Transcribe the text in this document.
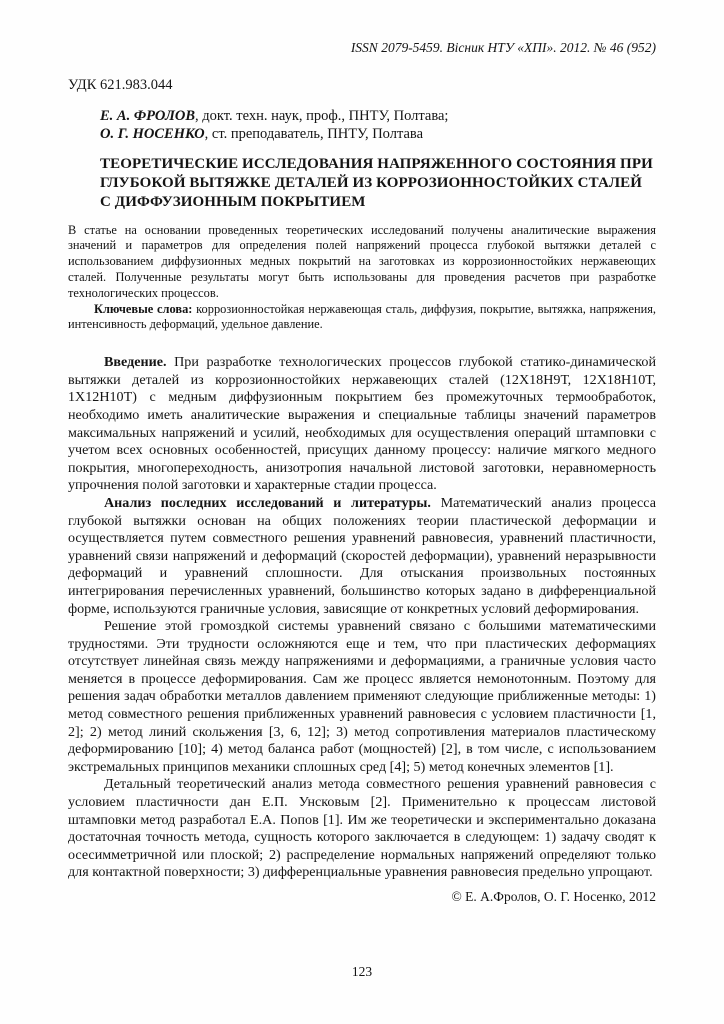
ISSN 2079-5459. Вісник НТУ «ХПІ». 2012. № 46 (952)
УДК 621.983.044
Е. А. ФРОЛОВ, докт. техн. наук, проф., ПНТУ, Полтава;
О. Г. НОСЕНКО, ст. преподаватель, ПНТУ, Полтава
ТЕОРЕТИЧЕСКИЕ ИССЛЕДОВАНИЯ НАПРЯЖЕННОГО СОСТОЯНИЯ ПРИ ГЛУБОКОЙ ВЫТЯЖКЕ ДЕТАЛЕЙ ИЗ КОРРОЗИОННОСТОЙКИХ СТАЛЕЙ С ДИФФУЗИОННЫМ ПОКРЫТИЕМ

В статье на основании проведенных теоретических исследований получены аналитические выражения значений и параметров для определения полей напряжений процесса глубокой вытяжки деталей с использованием диффузионных медных покрытий на заготовках из коррозионностойких нержавеющих сталей. Полученные результаты могут быть использованы для проведения расчетов при разработке технологических процессов.

Ключевые слова: коррозионностойкая нержавеющая сталь, диффузия, покрытие, вытяжка, напряжения, интенсивность деформаций, удельное давление.

Введение. При разработке технологических процессов глубокой статико-динамической вытяжки деталей из коррозионностойких нержавеющих сталей (12Х18Н9Т, 12Х18Н10Т, 1Х12Н10Т) с медным диффузионным покрытием без промежуточных термообработок, необходимо иметь аналитические выражения и специальные таблицы значений параметров максимальных напряжений и усилий, необходимых для осуществления операций штамповки с учетом всех основных особенностей, присущих данному процессу: наличие мягкого медного покрытия, многопереходность, анизотропия начальной листовой заготовки, неравномерность упрочнения полой заготовки и характерные стадии процесса.

Анализ последних исследований и литературы. Математический анализ процесса глубокой вытяжки основан на общих положениях теории пластической деформации и осуществляется путем совместного решения уравнений равновесия, уравнений пластичности, уравнений связи напряжений и деформаций (скоростей деформации), уравнений неразрывности деформаций и уравнений сплошности. Для отыскания произвольных постоянных интегрирования перечисленных уравнений, большинство которых задано в дифференциальной форме, используются граничные условия, зависящие от конкретных условий деформирования.

Решение этой громоздкой системы уравнений связано с большими математическими трудностями. Эти трудности осложняются еще и тем, что при пластических деформациях отсутствует линейная связь между напряжениями и деформациями, а граничные условия часто меняется в процессе деформирования. Сам же процесс является немонотонным. Поэтому для решения задач обработки металлов давлением применяют следующие приближенные методы: 1) метод совместного решения приближенных уравнений равновесия с условием пластичности [1, 2]; 2) метод линий скольжения [3, 6, 12]; 3) метод сопротивления материалов пластическому деформированию [10]; 4) метод баланса работ (мощностей) [2], в том числе, с использованием экстремальных принципов механики сплошных сред [4]; 5) метод конечных элементов [1].

Детальный теоретический анализ метода совместного решения уравнений равновесия с условием пластичности дан Е.П. Унсковым [2]. Применительно к процессам листовой штамповки метод разработал Е.А. Попов [1]. Им же теоретически и экспериментально доказана достаточная точность метода, сущность которого заключается в следующем: 1) задачу сводят к осесимметричной или плоской; 2) распределение нормальных напряжений определяют только для контактной поверхности; 3) дифференциальные уравнения равновесия предельно упрощают.

© Е. А.Фролов, О. Г. Носенко, 2012
123
